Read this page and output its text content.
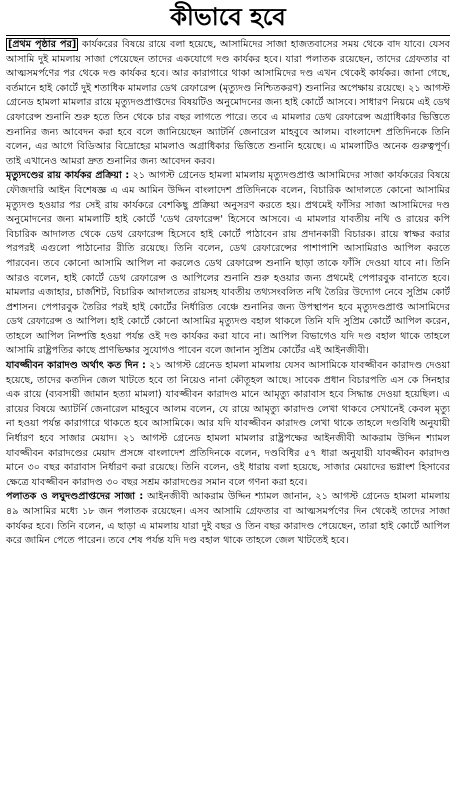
কীভাবে হবে

[প্রথম পৃষ্ঠার পর] কার্যকরের বিষয়ে রায়ে বলা হয়েছে, আসামিদের সাজা হাজতবাসের সময় থেকে বাদ যাবে। যেসব আসামি দুই মামলায় সাজা পেয়েছেন তাদের একযোগে দণ্ড কার্যকর হবে। যারা পলাতক রয়েছেন, তাদের গ্রেফতার বা আত্মসমর্পণের পর থেকে দণ্ড কার্যকর হবে। আর কারাগারে থাকা আসামিদের দণ্ড এখন থেকেই কার্যকর। জানা গেছে, বর্তমানে হাই কোর্টে দুই শতাধিক মামলার ডেথ রেফারেন্স (মৃত্যুদণ্ড নিশ্চিতকরণ) শুনানির অপেক্ষায় রয়েছে। ২১ আগস্ট গ্রেনেড হামলা মামলার রায়ে মৃত্যুদণ্ডপ্রাপ্তদের বিষয়টিও অনুমোদনের জন্য হাই কোর্টে আসবে। সাধারণ নিয়মে এই ডেথ রেফারেন্স শুনানি শুরু হতে তিন থেকে চার বছর লাগতে পারে। তবে এ মামলার ডেথ রেফারেন্স অগ্রাধিকার ভিত্তিতে শুনানির জন্য আবেদন করা হবে বলে জানিয়েছেন অ্যাটর্নি জেনারেল মাহবুবে আলম। বাংলাদেশ প্রতিদিনকে তিনি বলেন, এর আগে বিডিআর বিদ্রোহের মামলাও অগ্রাধিকার ভিত্তিতে শুনানি হয়েছে। এ মামলাটিও অনেক গুরুত্বপূর্ণ। তাই এখানেও আমরা দ্রুত শুনানির জন্য আবেদন করব।

মৃত্যুদণ্ডের রায় কার্যকর প্রক্রিয়া : ২১ আগস্ট গ্রেনেড হামলা মামলায় মৃত্যুদণ্ডপ্রাপ্ত আসামিদের সাজা কার্যকরের বিষয়ে ফৌজদারি আইন বিশেষজ্ঞ এ এম আমিন উদ্দিন বাংলাদেশ প্রতিদিনকে বলেন, বিচারিক আদালতে কোনো আসামির মৃত্যুদণ্ড হওয়ার পর সেই রায় কার্যকরে বেশকিছু প্রক্রিয়া অনুসরণ করতে হয়। প্রথমেই ফাঁসির সাজা আসামিদের দণ্ড অনুমোদনের জন্য মামলাটি হাই কোর্টে 'ডেথ রেফারেন্স' হিসেবে আসবে। এ মামলার যাবতীয় নথি ও রায়ের কপি বিচারিক আদালত থেকে ডেথ রেফারেন্স হিসেবে হাই কোর্টে পাঠাবেন রায় প্রদানকারী বিচারক। রায়ে স্বাক্ষর করার পরপরই এগুলো পাঠানোর রীতি রয়েছে। তিনি বলেন, ডেথ রেফারেন্সের পাশাপাশি আসামিরাও আপিল করতে পারবেন। তবে কোনো আসামি আপিল না করলেও ডেথ রেফারেন্স শুনানি ছাড়া তাকে ফাঁসি দেওয়া যাবে না। তিনি আরও বলেন, হাই কোর্টে ডেথ রেফারেন্স ও আপিলের শুনানি শুরু হওয়ার জন্য প্রথমেই পেপারবুক বানাতে হবে। মামলার এজাহার, চার্জশিট, বিচারিক আদালতের রায়সহ যাবতীয় তথ্যসংবলিত নথি তৈরির উদ্যোগ নেবে সুপ্রিম কোর্ট প্রশাসন। পেপারবুক তৈরির পরই হাই কোর্টের নির্ধারিত বেঞ্চে শুনানির জন্য উপস্থাপন হবে মৃত্যুদণ্ডপ্রাপ্ত আসামিদের ডেথ রেফারেন্স ও আপিল। হাই কোর্টে কোনো আসামির মৃত্যুদণ্ড বহাল থাকলে তিনি যদি সুপ্রিম কোর্টে আপিল করেন, তাহলে আপিল নিষ্পত্তি হওয়া পর্যন্ত ওই দণ্ড কার্যকর করা যাবে না। আপিল বিভাগেও যদি দণ্ড বহাল থাকে তাহলে আসামি রাষ্ট্রপতির কাছে প্রাণভিক্ষার সুযোগও পাবেন বলে জানান সুপ্রিম কোর্টের এই আইনজীবী।

যাবজ্জীবন কারাদণ্ড অর্থাৎ কত দিন : ২১ আগস্ট গ্রেনেড হামলা মামলায় যেসব আসামিকে যাবজ্জীবন কারাদণ্ড দেওয়া হয়েছে, তাদের কতদিন জেল খাটতে হবে তা নিয়েও নানা কৌতূহল আছে। সাবেক প্রধান বিচারপতি এস কে সিনহার এক রায়ে (ব্যবসায়ী জামান হত্যা মামলা) যাবজ্জীবন কারাদণ্ড মানে আমৃত্যু কারাবাস হবে সিদ্ধান্ত দেওয়া হয়েছিল। এ রায়ের বিষয়ে অ্যাটর্নি জেনারেল মাহবুবে আলম বলেন, যে রায়ে আমৃত্যু কারাদণ্ড লেখা থাকবে সেখানেই কেবল মৃত্যু না হওয়া পর্যন্ত কারাগারে থাকতে হবে আসামিকে। আর যদি যাবজ্জীবন কারাদণ্ড লেখা থাকে তাহলে দণ্ডবিধি অনুযায়ী নির্ধারণ হবে সাজার মেয়াদ। ২১ আগস্ট গ্রেনেড হামলা মামলার রাষ্ট্রপক্ষের আইনজীবী আকরাম উদ্দিন শ্যামল যাবজ্জীবন কারাদণ্ডের মেয়াদ প্রসঙ্গে বাংলাদেশ প্রতিদিনকে বলেন, দণ্ডবিধির ৫৭ ধারা অনুযায়ী যাবজ্জীবন কারাদণ্ড মানে ৩০ বছর কারাবাস নির্ধারণ করা রয়েছে। তিনি বলেন, ওই ধারায় বলা হয়েছে, সাজার মেয়াদের ভগ্নাংশ হিসাবের ক্ষেত্রে যাবজ্জীবন কারাদণ্ড ৩০ বছর সশ্রম কারাদণ্ডের সমান বলে গণনা করা হবে।

পলাতক ও লঘুদণ্ডপ্রাপ্তদের সাজা : আইনজীবী আকরাম উদ্দিন শ্যামল জানান, ২১ আগস্ট গ্রেনেড হামলা মামলায় ৪৯ আসামির মধ্যে ১৮ জন পলাতক রয়েছেন। এসব আসামি গ্রেফতার বা আত্মসমর্পণের দিন থেকেই তাদের সাজা কার্যকর হবে। তিনি বলেন, এ ছাড়া এ মামলায় যারা দুই বছর ও তিন বছর কারাদণ্ড পেয়েছেন, তারা হাই কোর্টে আপিল করে জামিন পেতে পারেন। তবে শেষ পর্যন্ত যদি দণ্ড বহাল থাকে তাহলে জেল খাটতেই হবে।
